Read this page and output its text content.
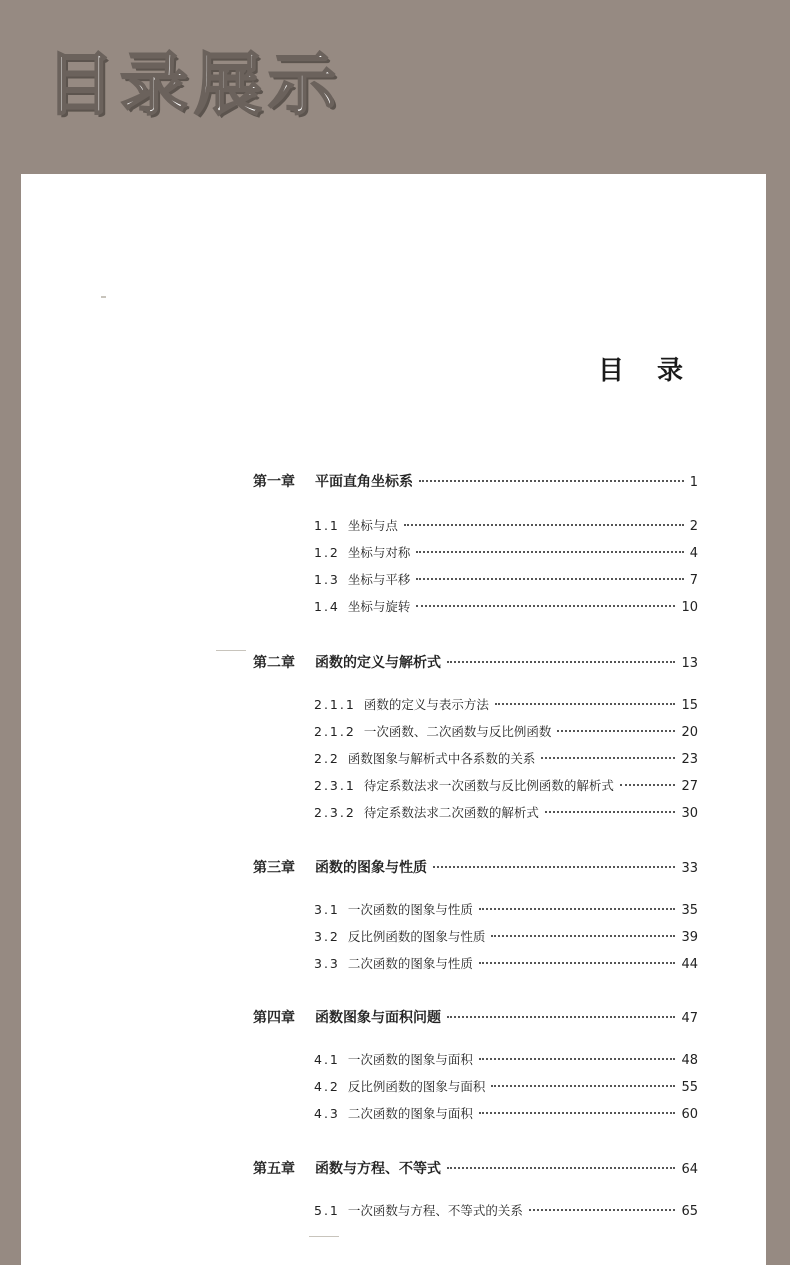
目录展示
目 录
第一章	平面直角坐标系	1
1.1 坐标与点	2
1.2 坐标与对称	4
1.3 坐标与平移	7
1.4 坐标与旋转	10
第二章	函数的定义与解析式	13
2.1.1 函数的定义与表示方法	15
2.1.2 一次函数、二次函数与反比例函数	20
2.2 函数图象与解析式中各系数的关系	23
2.3.1 待定系数法求一次函数与反比例函数的解析式	27
2.3.2 待定系数法求二次函数的解析式	30
第三章	函数的图象与性质	33
3.1 一次函数的图象与性质	35
3.2 反比例函数的图象与性质	39
3.3 二次函数的图象与性质	44
第四章	函数图象与面积问题	47
4.1 一次函数的图象与面积	48
4.2 反比例函数的图象与面积	55
4.3 二次函数的图象与面积	60
第五章	函数与方程、不等式	64
5.1 一次函数与方程、不等式的关系	65
